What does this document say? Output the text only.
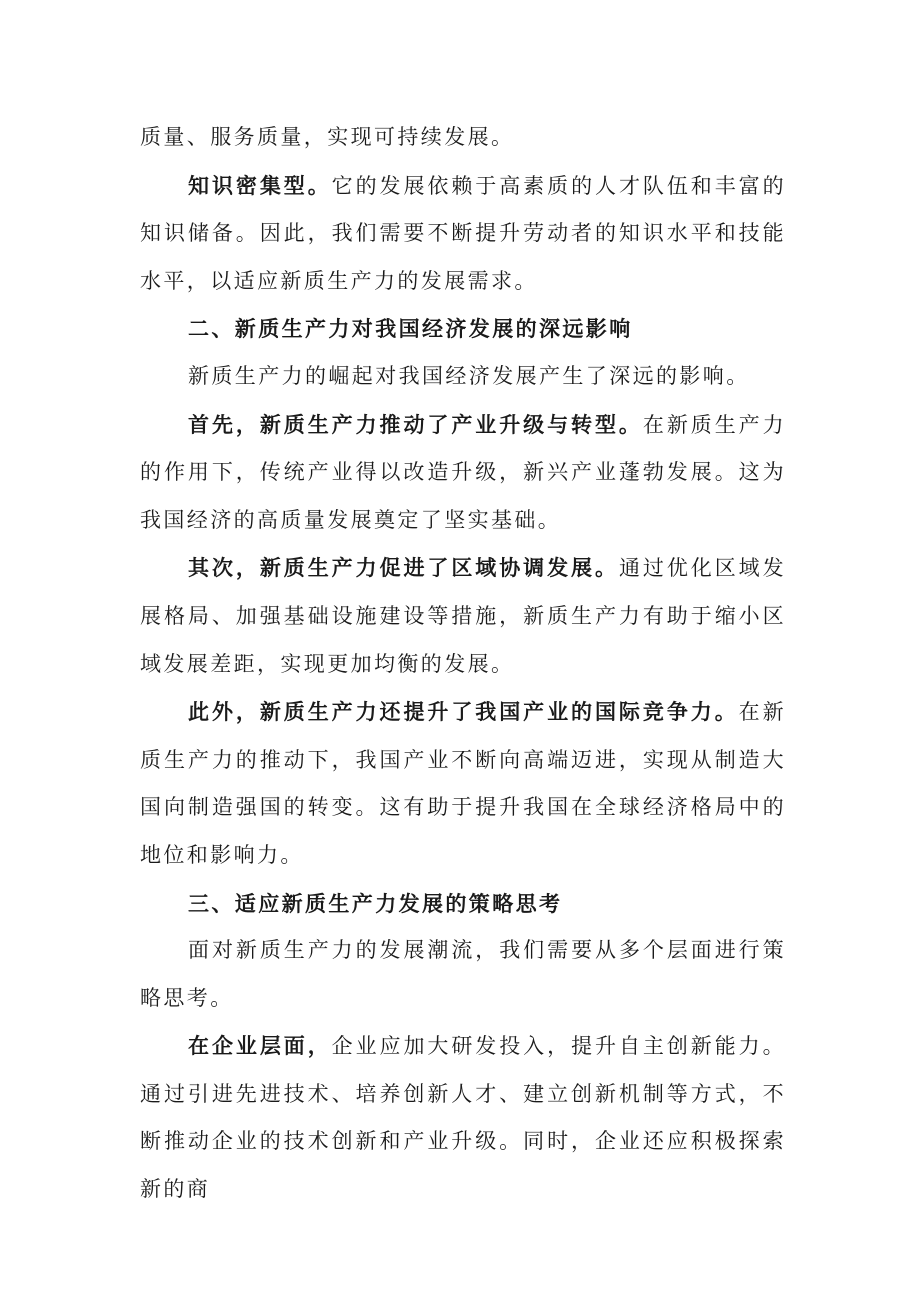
质量、服务质量，实现可持续发展。

知识密集型。它的发展依赖于高素质的人才队伍和丰富的知识储备。因此，我们需要不断提升劳动者的知识水平和技能水平，以适应新质生产力的发展需求。

二、新质生产力对我国经济发展的深远影响

新质生产力的崛起对我国经济发展产生了深远的影响。

首先，新质生产力推动了产业升级与转型。在新质生产力的作用下，传统产业得以改造升级，新兴产业蓬勃发展。这为我国经济的高质量发展奠定了坚实基础。

其次，新质生产力促进了区域协调发展。通过优化区域发展格局、加强基础设施建设等措施，新质生产力有助于缩小区域发展差距，实现更加均衡的发展。

此外，新质生产力还提升了我国产业的国际竞争力。在新质生产力的推动下，我国产业不断向高端迈进，实现从制造大国向制造强国的转变。这有助于提升我国在全球经济格局中的地位和影响力。

三、适应新质生产力发展的策略思考

面对新质生产力的发展潮流，我们需要从多个层面进行策略思考。

在企业层面，企业应加大研发投入，提升自主创新能力。通过引进先进技术、培养创新人才、建立创新机制等方式，不断推动企业的技术创新和产业升级。同时，企业还应积极探索新的商
